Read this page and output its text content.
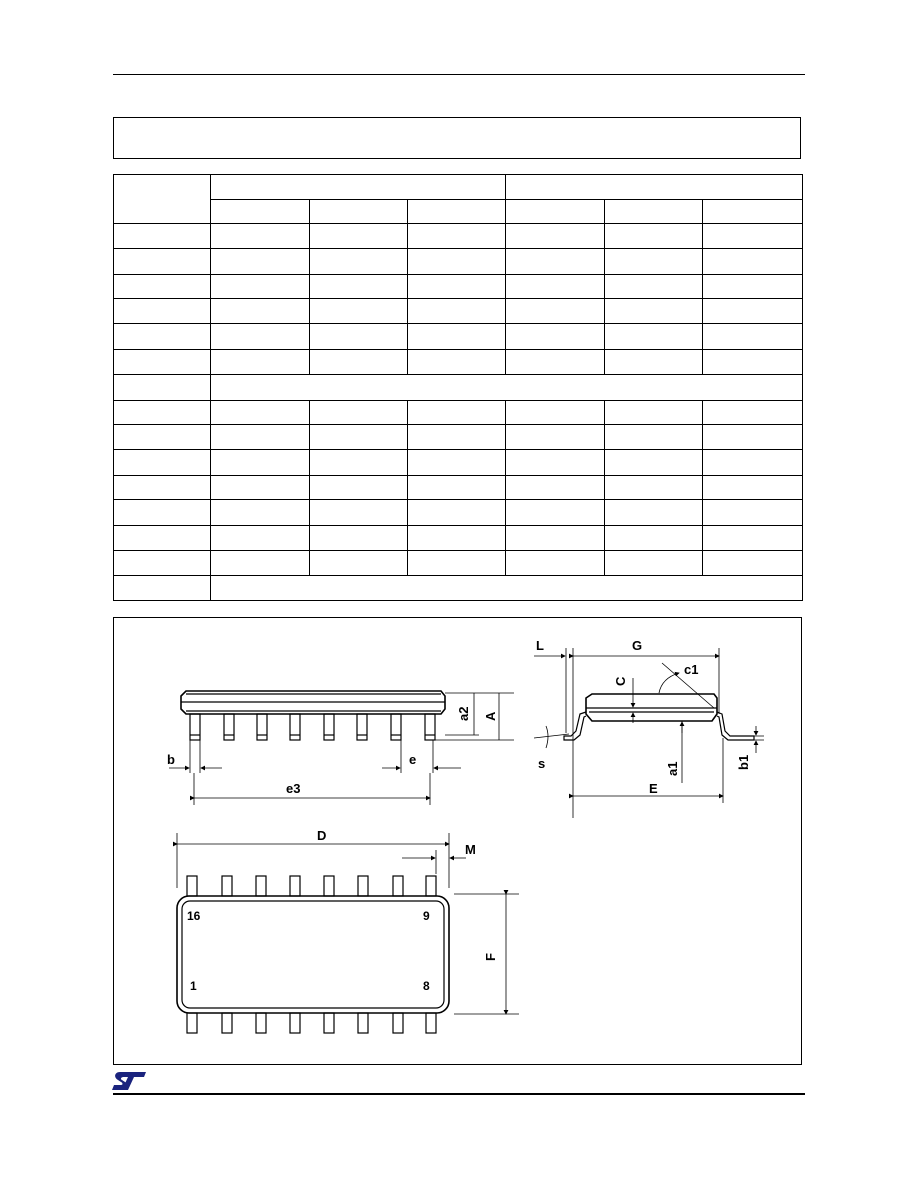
a2 A
b	e
e3
L	G
C
c1
s	a1	b1
E
D
M
F
16	9
1	8
